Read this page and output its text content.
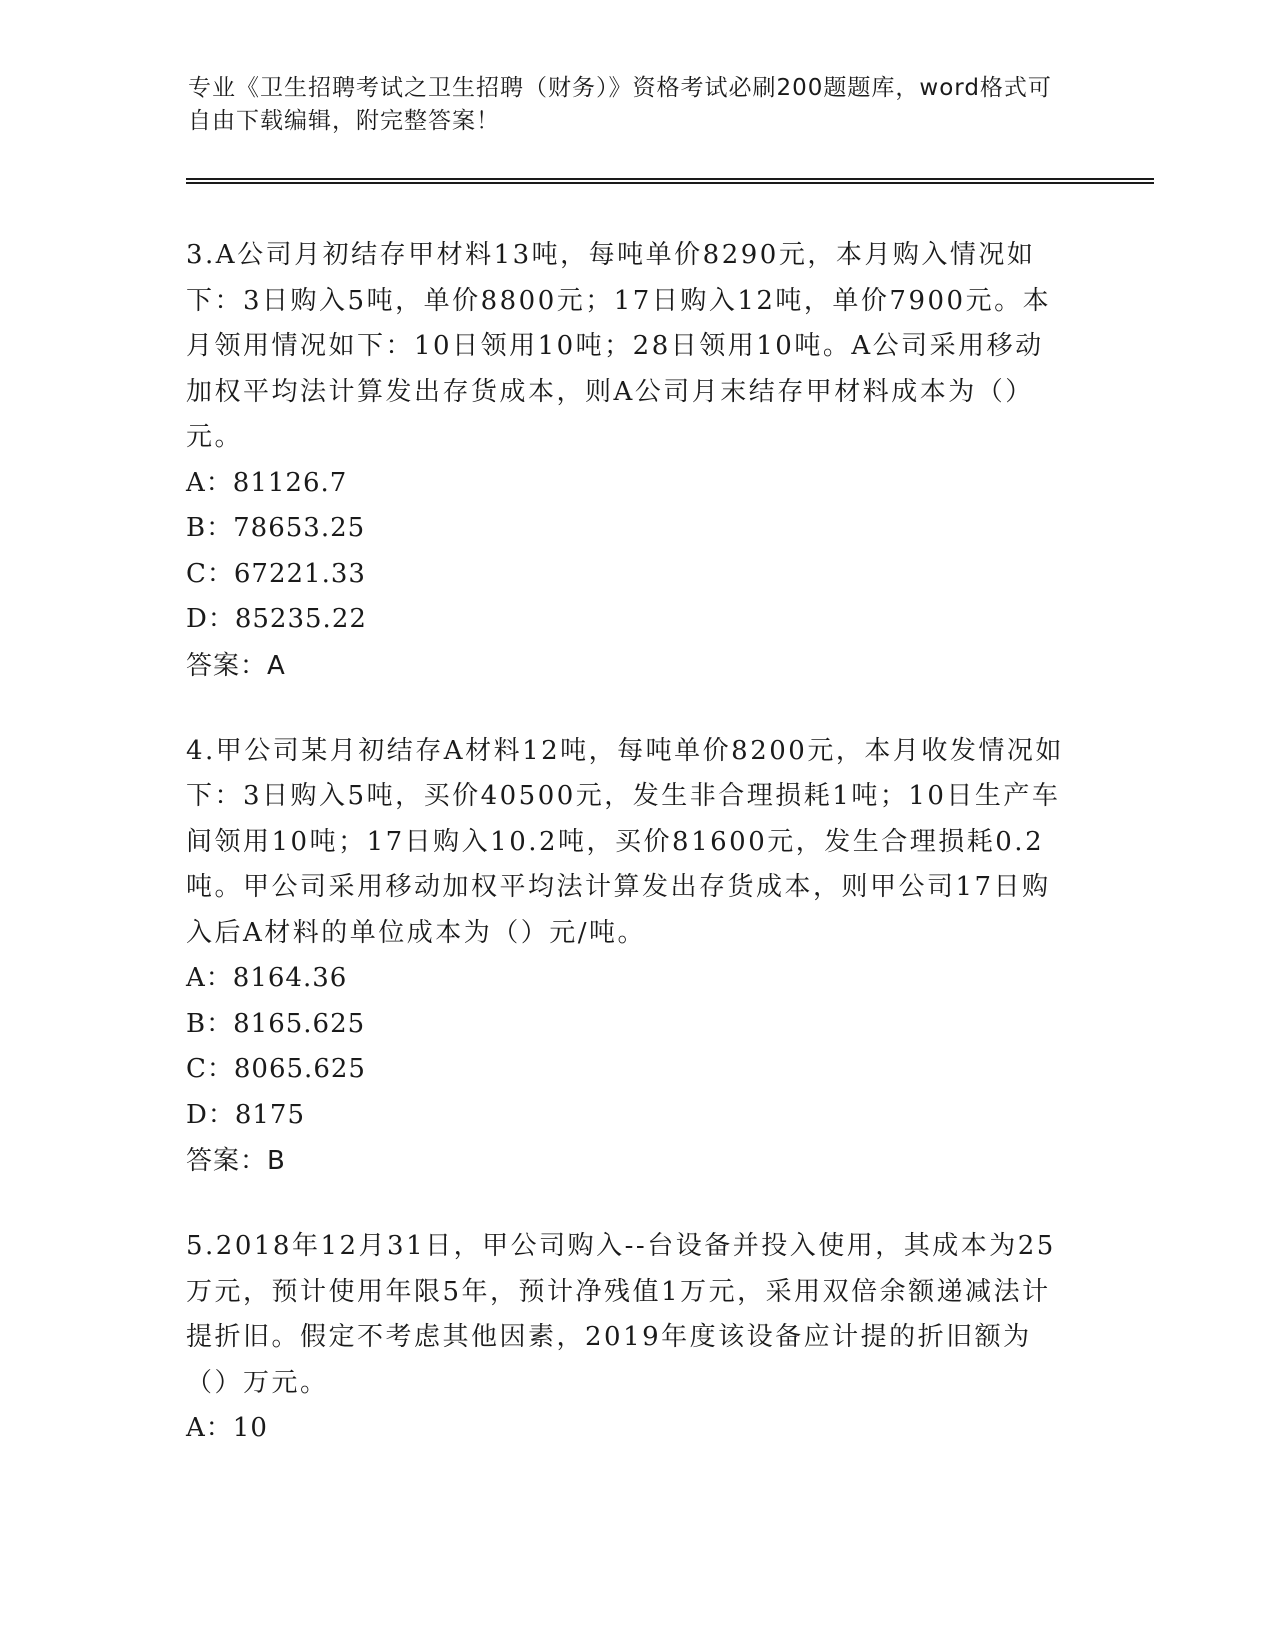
专业《卫生招聘考试之卫生招聘（财务）》资格考试必刷200题题库，word格式可自由下载编辑，附完整答案！

3.A公司月初结存甲材料13吨，每吨单价8290元，本月购入情况如下：3日购入5吨，单价8800元；17日购入12吨，单价7900元。本月领用情况如下：10日领用10吨；28日领用10吨。A公司采用移动加权平均法计算发出存货成本，则A公司月末结存甲材料成本为（）元。

A：81126.7

B：78653.25

C：67221.33

D：85235.22

答案：A

4.甲公司某月初结存A材料12吨，每吨单价8200元，本月收发情况如下：3日购入5吨，买价40500元，发生非合理损耗1吨；10日生产车间领用10吨；17日购入10.2吨，买价81600元，发生合理损耗0.2吨。甲公司采用移动加权平均法计算发出存货成本，则甲公司17日购入后A材料的单位成本为（）元/吨。

A：8164.36

B：8165.625

C：8065.625

D：8175

答案：B

5.2018年12月31日，甲公司购入--台设备并投入使用，其成本为25万元，预计使用年限5年，预计净残值1万元，采用双倍余额递减法计提折旧。假定不考虑其他因素，2019年度该设备应计提的折旧额为（）万元。

A：10
